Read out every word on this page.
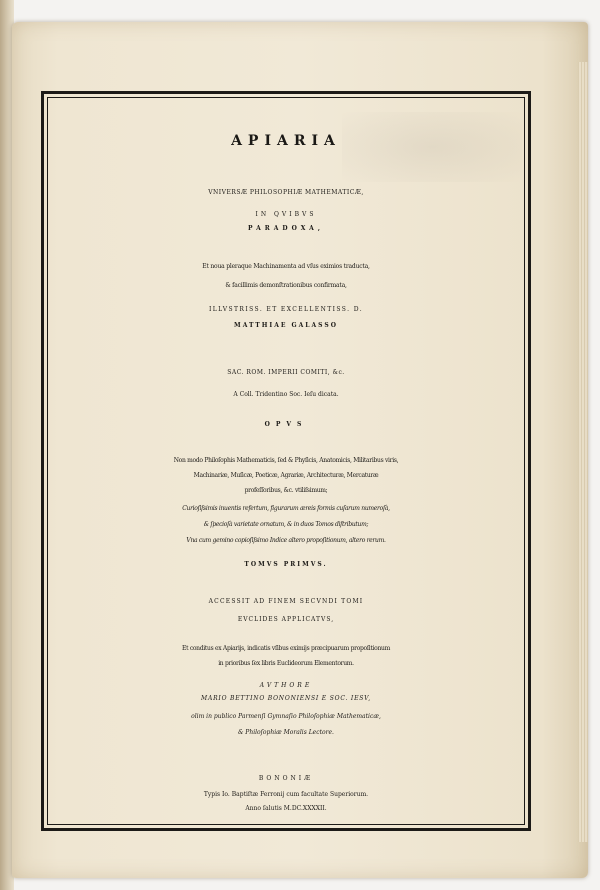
APIARIA
VNIVERSÆ PHILOSOPHIÆ MATHEMATICÆ,
IN QVIBVS
PARADOXA,
Et noua pleraque Machinamenta ad vſus eximios traducta,
& facillimis demonſtrationibus confirmata,
ILLVSTRISS. ET EXCELLENTISS. D.
MATTHIAE GALASSO
SAC. ROM. IMPERII COMITI, &c.
A Coll. Tridentino Soc. Ieſu dicata.
OPVS
Non modo Philoſophis Mathematicis, ſed & Phyſicis, Anatomicis, Militaribus viris,
Machinariæ, Muſicæ, Poeticæ, Agrariæ, Architecturæ, Mercaturæ
profeſſoribus, &c. vtiliſsimum;
Curioſiſsimis inuentis refertum, figurarum æreis formis cuſarum numeroſà,
& ſpecioſà varietate ornatum, & in duos Tomos diſtributum;
Vna cum gemino copioſiſsimo Indice altero propoſitionum, altero rerum.
TOMVS PRIMVS.
ACCESSIT AD FINEM SECVNDI TOMI
EVCLIDES APPLICATVS,
Et conditus ex Apiarijs, indicatis vſibus eximijs præcipuarum propoſitionum
in prioribus ſex libris Euclideorum Elementorum.
AVTHORE
MARIO BETTINO BONONIENSI E SOC. IESV,
olim in publico Parmenſi Gymnaſio Philoſophiæ Mathematicæ,
& Philoſophiæ Moralis Lectore.
BONONIÆ
Typis Io. Baptiſtæ Ferronij cum facultate Superiorum.
Anno ſalutis M.DC.XXXXII.
